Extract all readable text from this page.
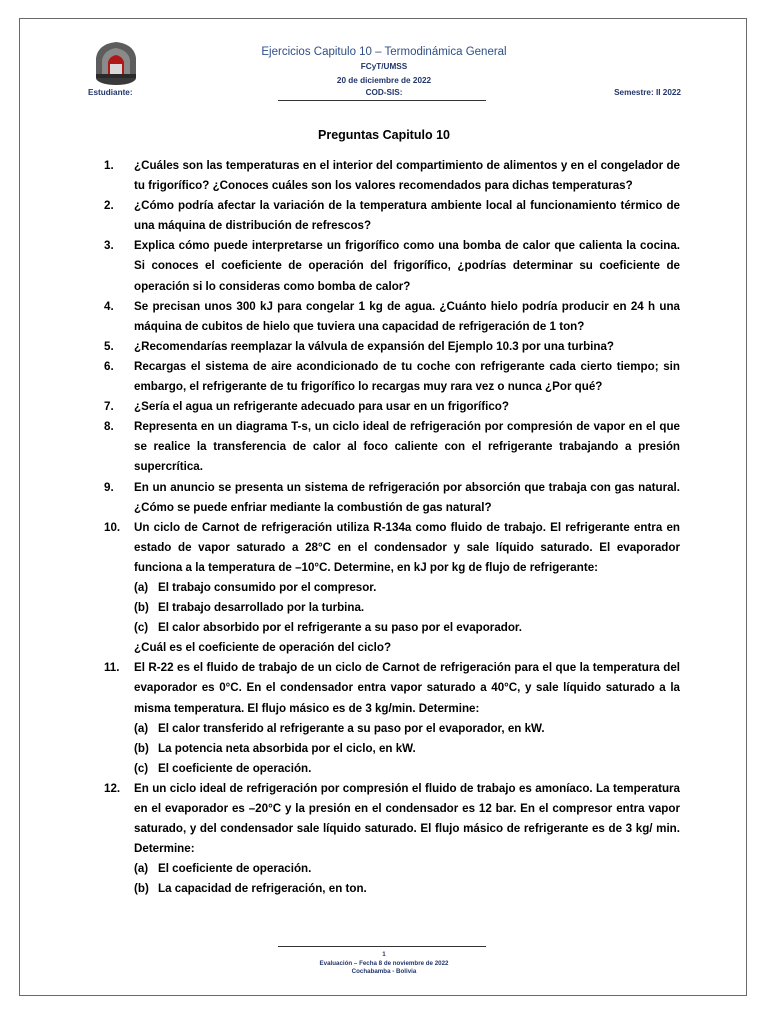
Ejercicios Capitulo 10 – Termodinámica General
FCyT/UMSS
20 de diciembre de 2022
COD-SIS:
Estudiante:	Semestre: II 2022
Preguntas Capitulo 10
1.	¿Cuáles son las temperaturas en el interior del compartimiento de alimentos y en el congelador de tu frigorífico? ¿Conoces cuáles son los valores recomendados para dichas temperaturas?
2.	¿Cómo podría afectar la variación de la temperatura ambiente local al funcionamiento térmico de una máquina de distribución de refrescos?
3.	Explica cómo puede interpretarse un frigorífico como una bomba de calor que calienta la cocina. Si conoces el coeficiente de operación del frigorífico, ¿podrías determinar su coeficiente de operación si lo consideras como bomba de calor?
4.	Se precisan unos 300 kJ para congelar 1 kg de agua. ¿Cuánto hielo podría producir en 24 h una máquina de cubitos de hielo que tuviera una capacidad de refrigeración de 1 ton?
5.	¿Recomendarías reemplazar la válvula de expansión del Ejemplo 10.3 por una turbina?
6.	Recargas el sistema de aire acondicionado de tu coche con refrigerante cada cierto tiempo; sin embargo, el refrigerante de tu frigorífico lo recargas muy rara vez o nunca ¿Por qué?
7.	¿Sería el agua un refrigerante adecuado para usar en un frigorífico?
8.	Representa en un diagrama T-s, un ciclo ideal de refrigeración por compresión de vapor en el que se realice la transferencia de calor al foco caliente con el refrigerante trabajando a presión supercrítica.
9.	En un anuncio se presenta un sistema de refrigeración por absorción que trabaja con gas natural. ¿Cómo se puede enfriar mediante la combustión de gas natural?
10.	Un ciclo de Carnot de refrigeración utiliza R-134a como fluido de trabajo. El refrigerante entra en estado de vapor saturado a 28°C en el condensador y sale líquido saturado. El evaporador funciona a la temperatura de –10°C. Determine, en kJ por kg de flujo de refrigerante:
(a) El trabajo consumido por el compresor.
(b) El trabajo desarrollado por la turbina.
(c) El calor absorbido por el refrigerante a su paso por el evaporador.
¿Cuál es el coeficiente de operación del ciclo?
11.	El R-22 es el fluido de trabajo de un ciclo de Carnot de refrigeración para el que la temperatura del evaporador es 0°C. En el condensador entra vapor saturado a 40°C, y sale líquido saturado a la misma temperatura. El flujo másico es de 3 kg/min. Determine:
(a) El calor transferido al refrigerante a su paso por el evaporador, en kW.
(b) La potencia neta absorbida por el ciclo, en kW.
(c) El coeficiente de operación.
12.	En un ciclo ideal de refrigeración por compresión el fluido de trabajo es amoníaco. La temperatura en el evaporador es –20°C y la presión en el condensador es 12 bar. En el compresor entra vapor saturado, y del condensador sale líquido saturado. El flujo másico de refrigerante es de 3 kg/ min. Determine:
(a) El coeficiente de operación.
(b) La capacidad de refrigeración, en ton.
1
Evaluación – Fecha 8 de noviembre de 2022
Cochabamba - Bolivia
